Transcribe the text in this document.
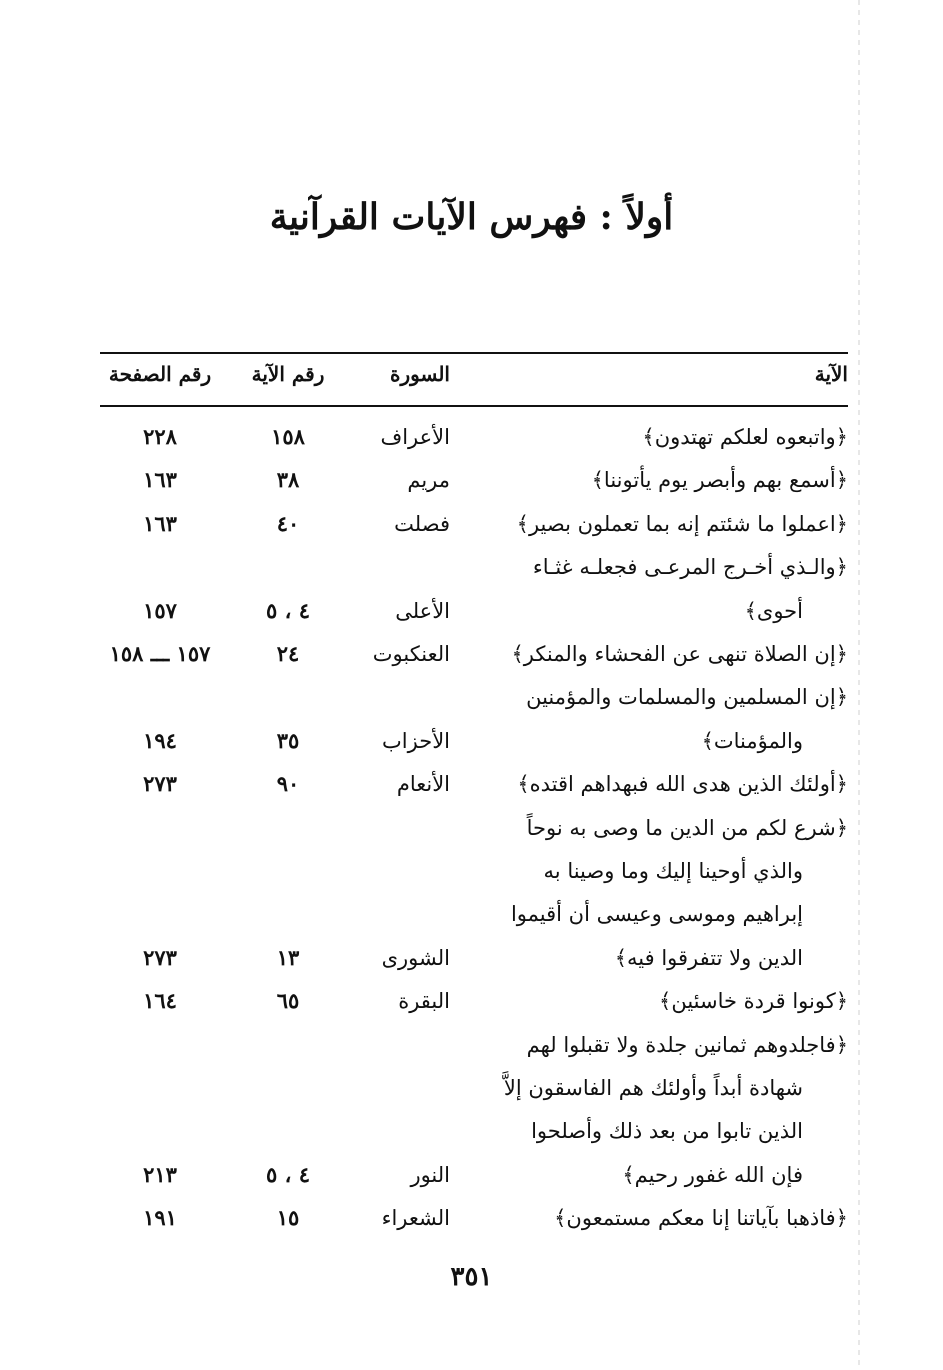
أولاً : فهرس الآيات القرآنية
الآية
السورة
رقم الآية
رقم الصفحة
﴿واتبعوه لعلكم تهتدون﴾
الأعراف
١٥٨
٢٢٨
﴿أسمع بهم وأبصر يوم يأتوننا﴾
مريم
٣٨
١٦٣
﴿اعملوا ما شئتم إنه بما تعملون بصير﴾
فصلت
٤٠
١٦٣
﴿والـذي أخـرج المرعـى فجعلـه غثـاء
أحوى﴾
الأعلى
٤ ، ٥
١٥٧
﴿إن الصلاة تنهى عن الفحشاء والمنكر﴾
العنكبوت
٢٤
١٥٧ ـــ ١٥٨
﴿إن المسلمين والمسلمات والمؤمنين
والمؤمنات﴾
الأحزاب
٣٥
١٩٤
﴿أولئك الذين هدى الله فبهداهم اقتده﴾
الأنعام
٩٠
٢٧٣
﴿شرع لكم من الدين ما وصى به نوحاً
والذي أوحينا إليك وما وصينا به
إبراهيم وموسى وعيسى أن أقيموا
الدين ولا تتفرقوا فيه﴾
الشورى
١٣
٢٧٣
﴿كونوا قردة خاسئين﴾
البقرة
٦٥
١٦٤
﴿فاجلدوهم ثمانين جلدة ولا تقبلوا لهم
شهادة أبداً وأولئك هم الفاسقون إلاَّ
الذين تابوا من بعد ذلك وأصلحوا
فإن الله غفور رحيم﴾
النور
٤ ، ٥
٢١٣
﴿فاذهبا بآياتنا إنا معكم مستمعون﴾
الشعراء
١٥
١٩١
٣٥١
